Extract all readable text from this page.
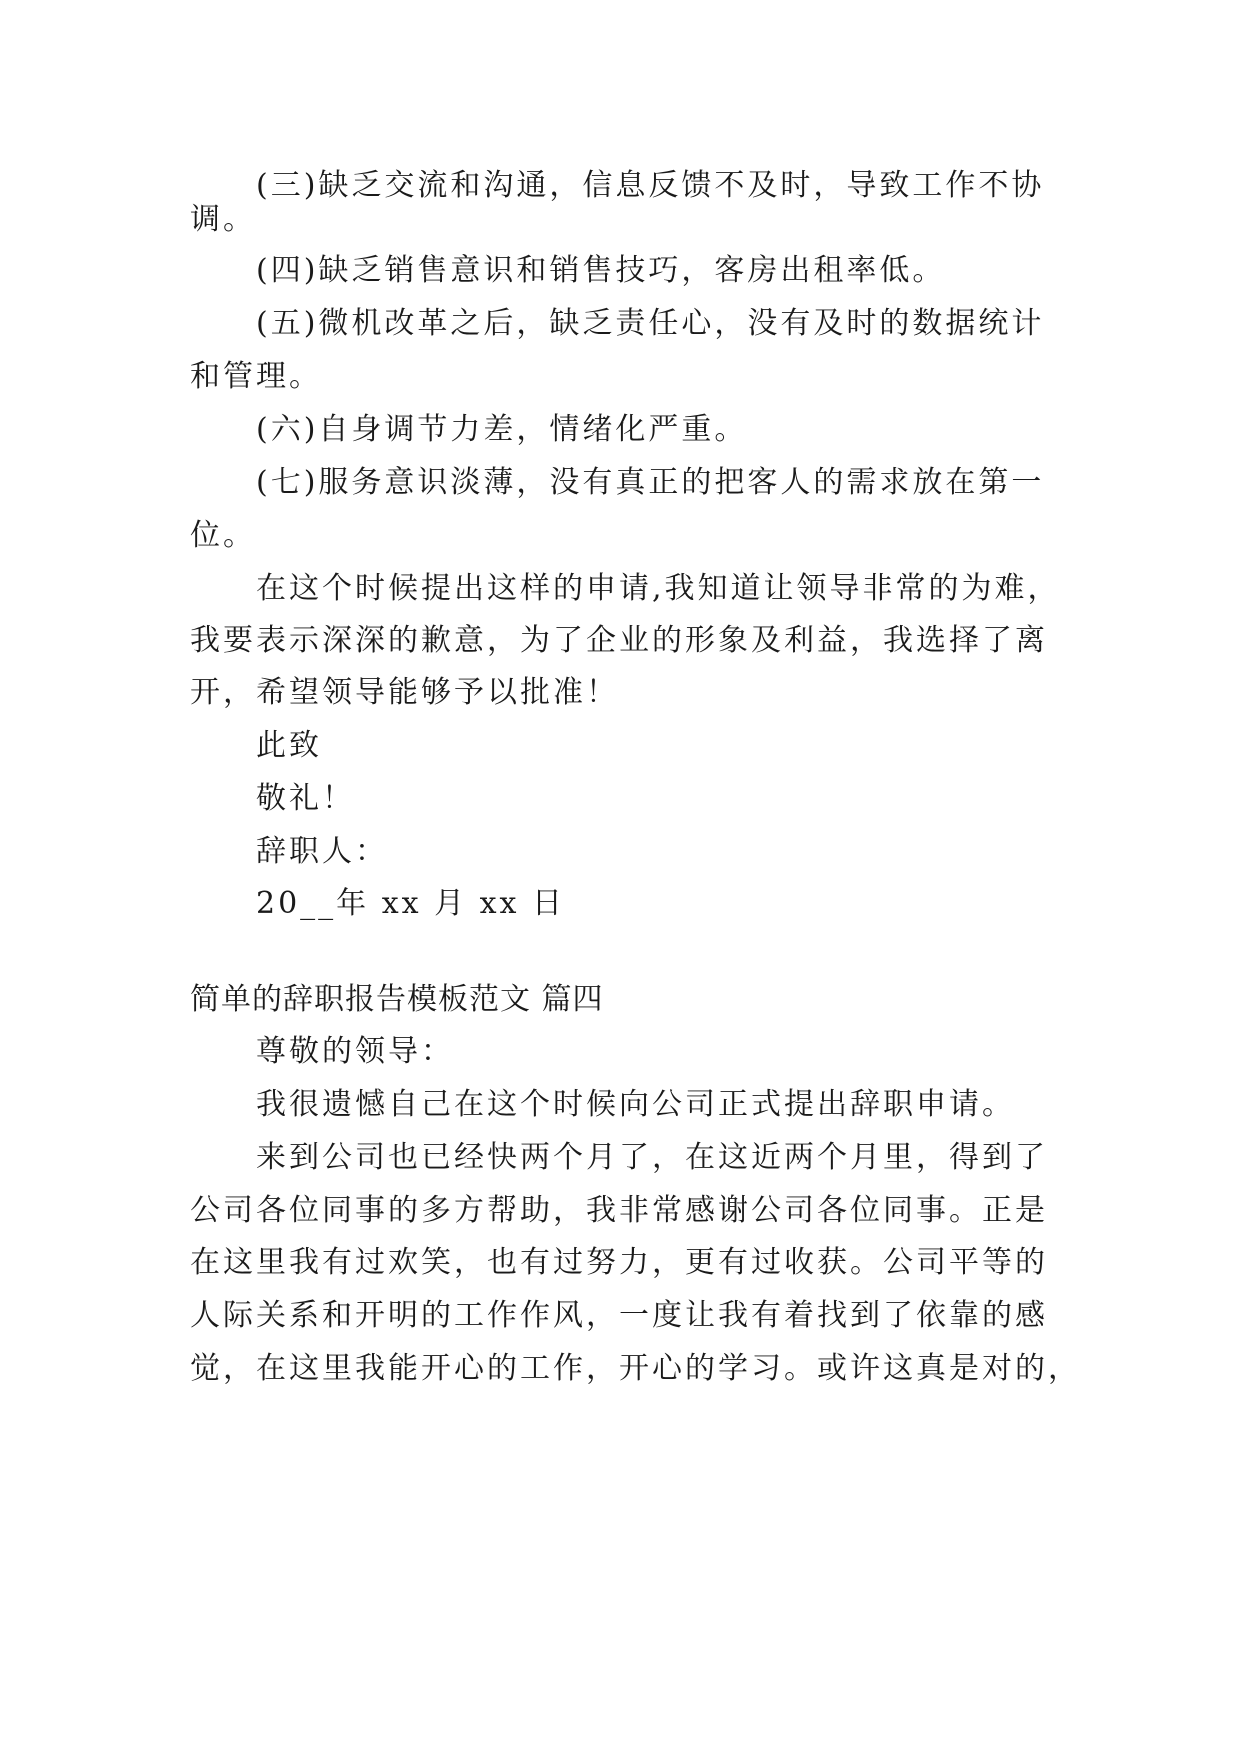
(三)缺乏交流和沟通，信息反馈不及时，导致工作不协
调。
(四)缺乏销售意识和销售技巧，客房出租率低。
(五)微机改革之后，缺乏责任心，没有及时的数据统计
和管理。
(六)自身调节力差，情绪化严重。
(七)服务意识淡薄，没有真正的把客人的需求放在第一
位。
在这个时候提出这样的申请,我知道让领导非常的为难，
我要表示深深的歉意，为了企业的形象及利益，我选择了离
开，希望领导能够予以批准！
此致
敬礼！
辞职人：
20__年 xx 月 xx 日
简单的辞职报告模板范文 篇四
尊敬的领导：
我很遗憾自己在这个时候向公司正式提出辞职申请。
来到公司也已经快两个月了，在这近两个月里，得到了
公司各位同事的多方帮助，我非常感谢公司各位同事。正是
在这里我有过欢笑，也有过努力，更有过收获。公司平等的
人际关系和开明的工作作风，一度让我有着找到了依靠的感
觉，在这里我能开心的工作，开心的学习。或许这真是对的，
